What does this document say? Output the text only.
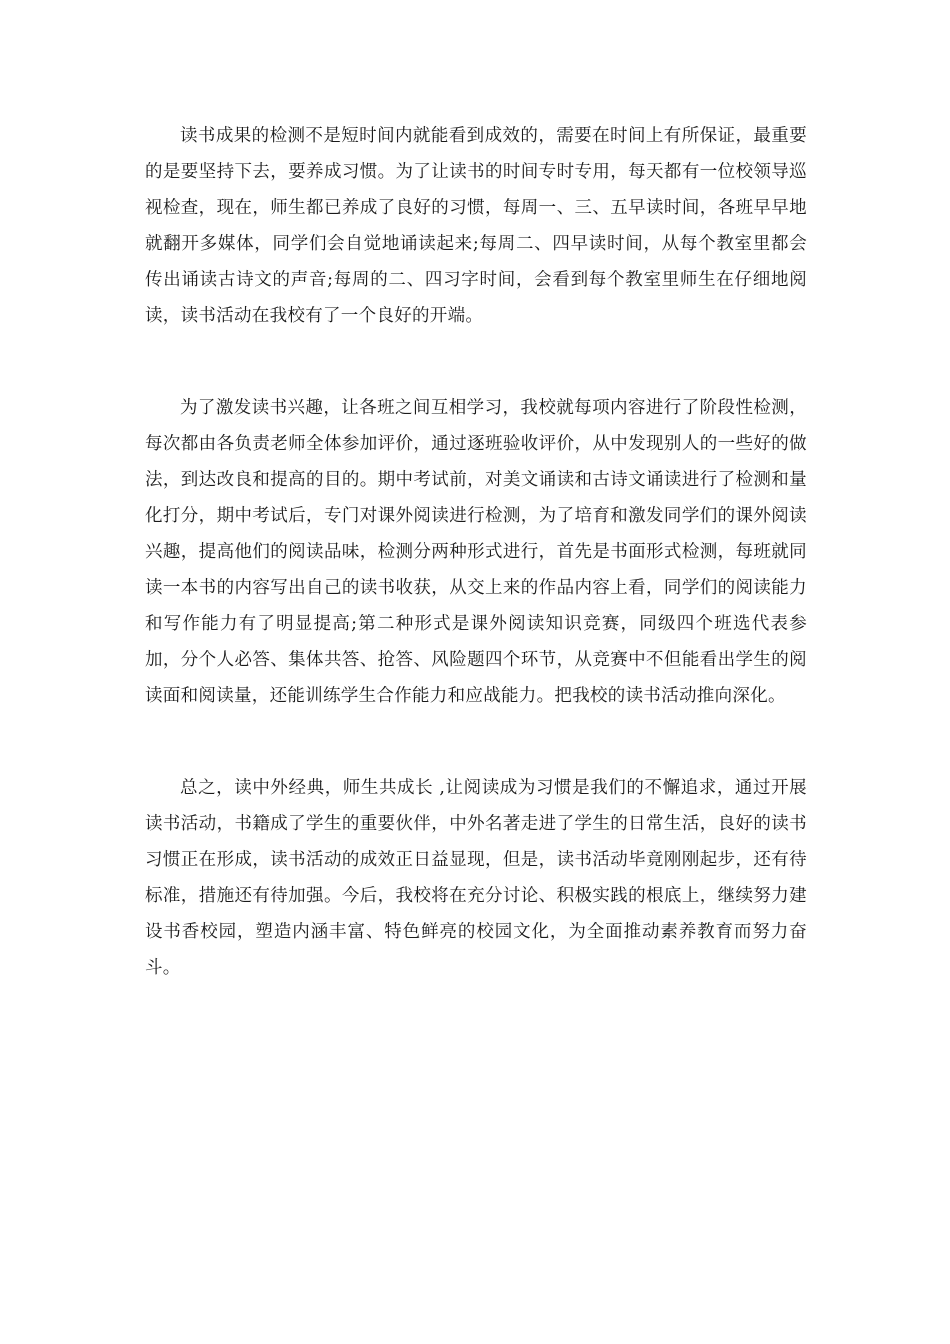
读书成果的检测不是短时间内就能看到成效的，需要在时间上有所保证，最重要的是要坚持下去，要养成习惯。为了让读书的时间专时专用，每天都有一位校领导巡视检查，现在，师生都已养成了良好的习惯，每周一、三、五早读时间，各班早早地就翻开多媒体，同学们会自觉地诵读起来;每周二、四早读时间，从每个教室里都会传出诵读古诗文的声音;每周的二、四习字时间，会看到每个教室里师生在仔细地阅读，读书活动在我校有了一个良好的开端。

为了激发读书兴趣，让各班之间互相学习，我校就每项内容进行了阶段性检测，每次都由各负责老师全体参加评价，通过逐班验收评价，从中发现别人的一些好的做法，到达改良和提高的目的。期中考试前，对美文诵读和古诗文诵读进行了检测和量化打分，期中考试后，专门对课外阅读进行检测，为了培育和激发同学们的课外阅读兴趣，提高他们的阅读品味，检测分两种形式进行，首先是书面形式检测，每班就同读一本书的内容写出自己的读书收获，从交上来的作品内容上看，同学们的阅读能力和写作能力有了明显提高;第二种形式是课外阅读知识竞赛，同级四个班选代表参加，分个人必答、集体共答、抢答、风险题四个环节，从竞赛中不但能看出学生的阅读面和阅读量，还能训练学生合作能力和应战能力。把我校的读书活动推向深化。

总之，读中外经典，师生共成长 ,让阅读成为习惯是我们的不懈追求，通过开展读书活动，书籍成了学生的重要伙伴，中外名著走进了学生的日常生活，良好的读书习惯正在形成，读书活动的成效正日益显现，但是，读书活动毕竟刚刚起步，还有待标准，措施还有待加强。今后，我校将在充分讨论、积极实践的根底上，继续努力建设书香校园，塑造内涵丰富、特色鲜亮的校园文化，为全面推动素养教育而努力奋斗。
